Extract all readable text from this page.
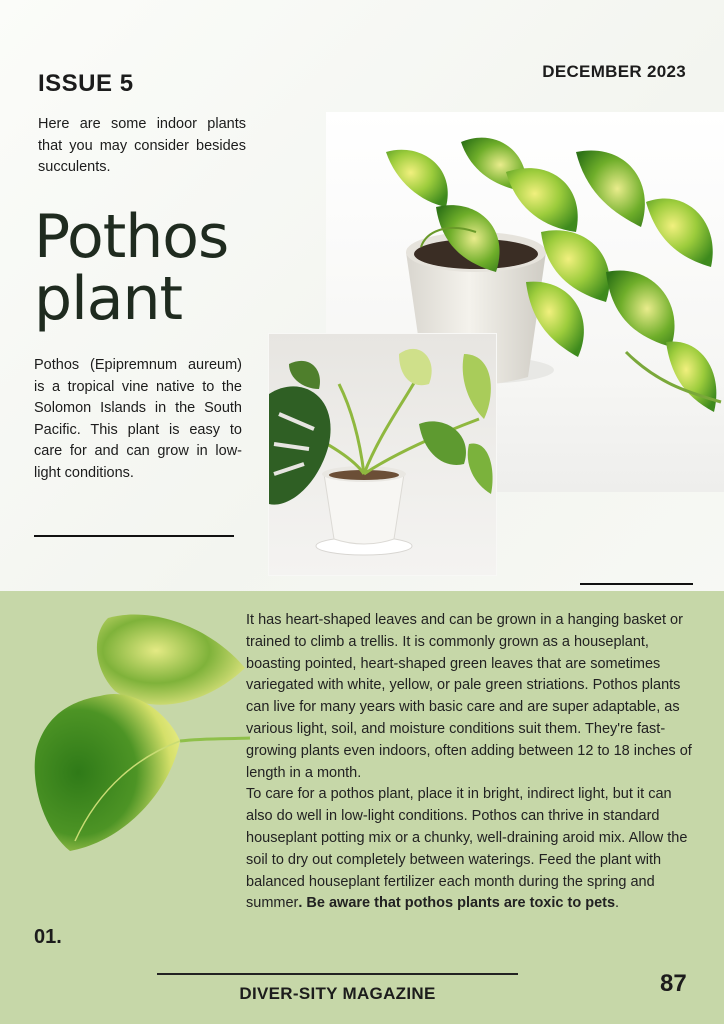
ISSUE 5	DECEMBER 2023
Here are some indoor plants that you may consider besides succulents.
Pothos
plant
Pothos (Epipremnum aureum) is a tropical vine native to the Solomon Islands in the South Pacific. This plant is easy to care for and can grow in low-light conditions.

It has heart-shaped leaves and can be grown in a hanging basket or trained to climb a trellis. It is commonly grown as a houseplant, boasting pointed, heart-shaped green leaves that are sometimes variegated with white, yellow, or pale green striations. Pothos plants can live for many years with basic care and are super adaptable, as various light, soil, and moisture conditions suit them. They're fast-growing plants even indoors, often adding between 12 to 18 inches of length in a month.

To care for a pothos plant, place it in bright, indirect light, but it can also do well in low-light conditions. Pothos can thrive in standard houseplant potting mix or a chunky, well-draining aroid mix. Allow the soil to dry out completely between waterings. Feed the plant with balanced houseplant fertilizer each month during the spring and summer. Be aware that pothos plants are toxic to pets.

01.
DIVER-SITY MAGAZINE	87
